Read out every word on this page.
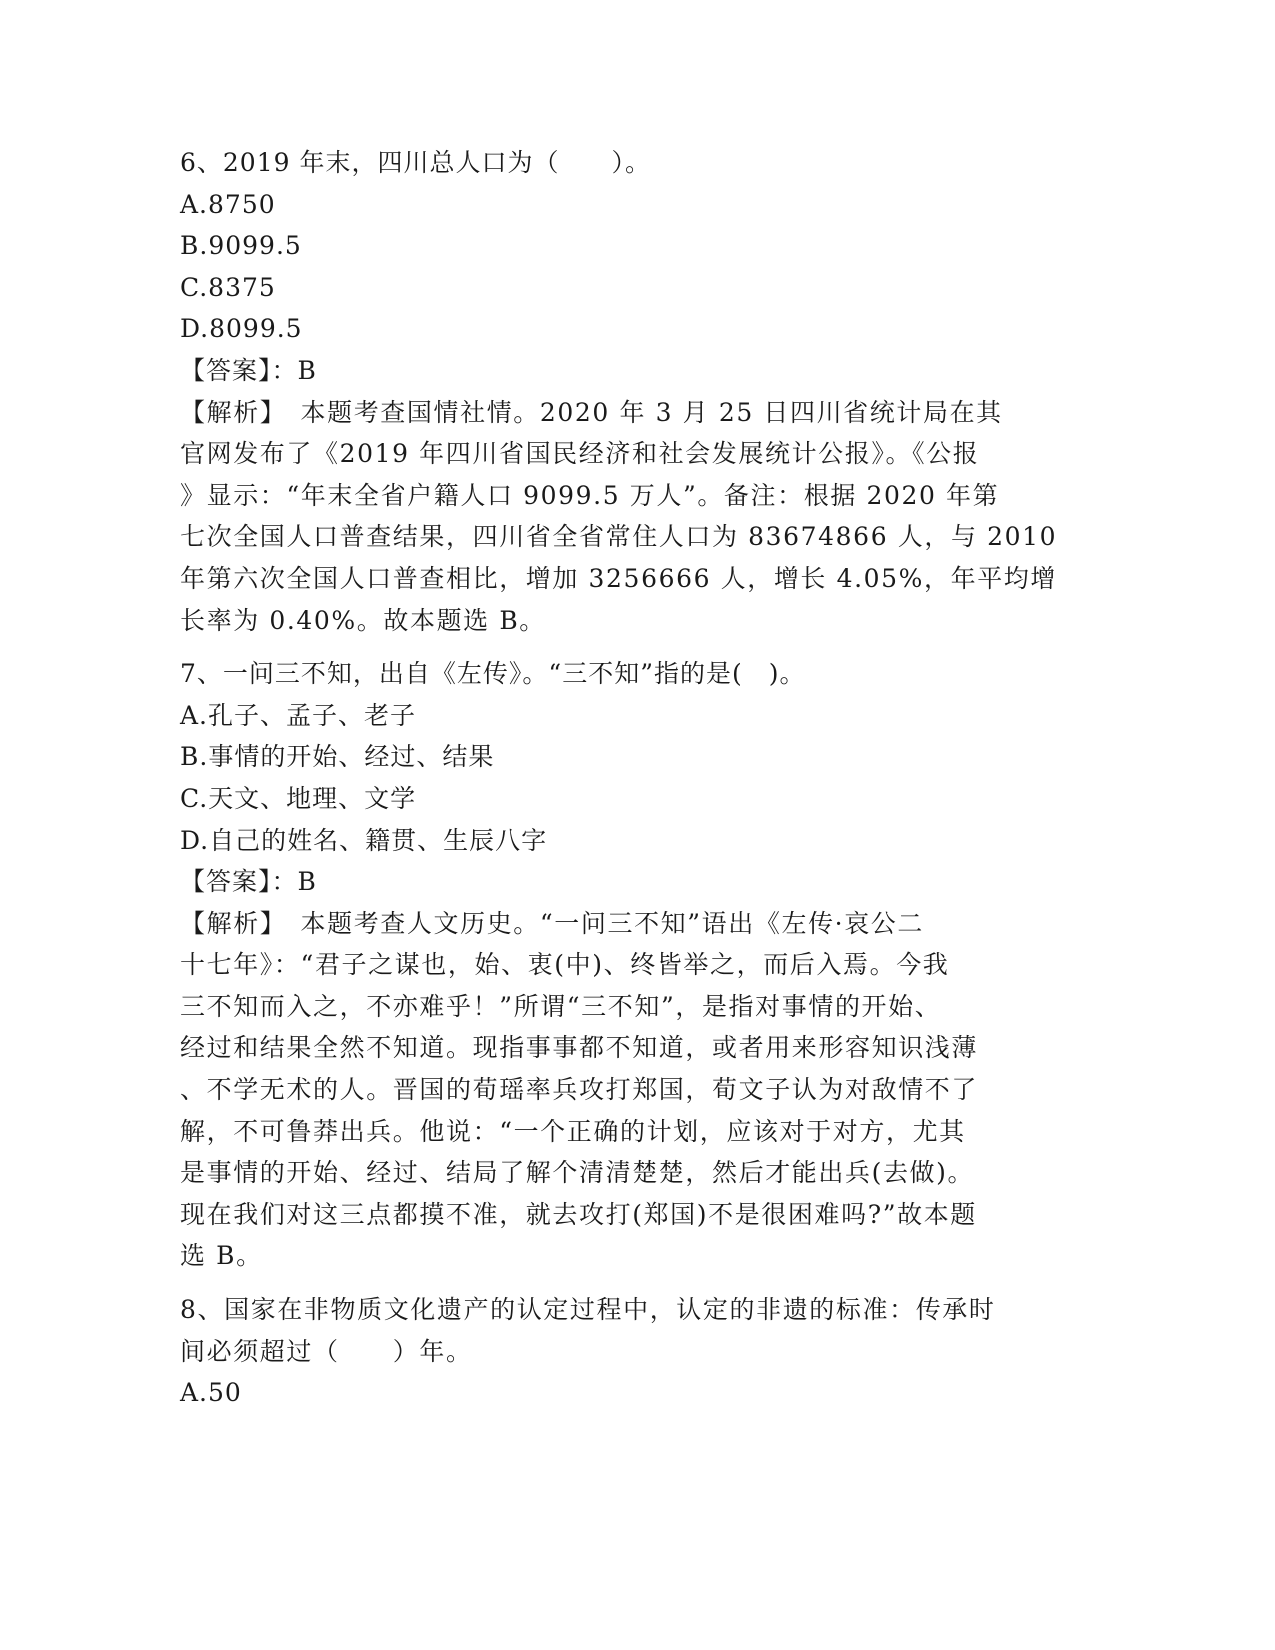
6、2019 年末，四川总人口为（　　）。
A.8750
B.9099.5
C.8375
D.8099.5
【答案】：B
【解析】　本题考查国情社情。2020 年 3 月 25 日四川省统计局在其
官网发布了《2019 年四川省国民经济和社会发展统计公报》。《公报
》显示：“年末全省户籍人口 9099.5 万人”。备注：根据 2020 年第
七次全国人口普查结果，四川省全省常住人口为 83674866 人，与 2010
年第六次全国人口普查相比，增加 3256666 人，增长 4.05%，年平均增
长率为 0.40%。故本题选 B。
7、一问三不知，出自《左传》。“三不知”指的是(　)。
A.孔子、孟子、老子
B.事情的开始、经过、结果
C.天文、地理、文学
D.自己的姓名、籍贯、生辰八字
【答案】：B
【解析】　本题考查人文历史。“一问三不知”语出《左传·哀公二
十七年》：“君子之谋也，始、衷(中)、终皆举之，而后入焉。今我
三不知而入之，不亦难乎！”所谓“三不知”，是指对事情的开始、
经过和结果全然不知道。现指事事都不知道，或者用来形容知识浅薄
、不学无术的人。晋国的荀瑶率兵攻打郑国，荀文子认为对敌情不了
解，不可鲁莽出兵。他说：“一个正确的计划，应该对于对方，尤其
是事情的开始、经过、结局了解个清清楚楚，然后才能出兵(去做)。
现在我们对这三点都摸不准，就去攻打(郑国)不是很困难吗?”故本题
选 B。
8、国家在非物质文化遗产的认定过程中，认定的非遗的标准：传承时
间必须超过（　　）年。
A.50
